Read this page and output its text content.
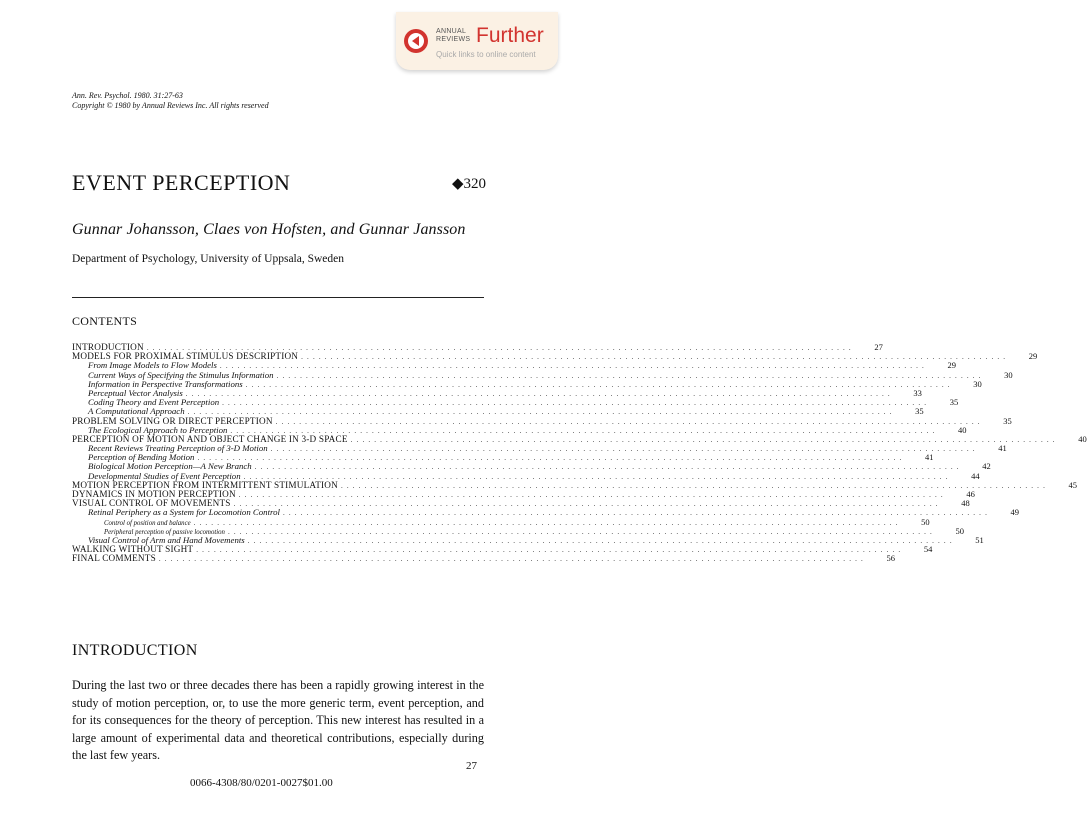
ANNUAL
REVIEWS Further
Quick links to online content
Ann. Rev. Psychol. 1980. 31:27-63
Copyright © 1980 by Annual Reviews Inc. All rights reserved
EVENT PERCEPTION	◆320
Gunnar Johansson, Claes von Hofsten, and Gunnar Jansson
Department of Psychology, University of Uppsala, Sweden
CONTENTS
INTRODUCTION . . . . . . . . . . . . . . . . . . . . . . . . . . . . . . . . . . . . . . . . . . . . . . . . . . . . . . . . . . . . . . . . . . . . . . . . . . . . . . . . . . . . . . . . . . . . . . . . . . . . . . . . . . . . . . . . . . . . . . . .	27
MODELS FOR PROXIMAL STIMULUS DESCRIPTION . . . . . . . . . . . . . . . . . . . . . . . . . . . . . . . . . . . . . . . . . . . . . . . . . . . . . . . . . . . . . . . . . . . . . . . . . . . . . . . . . . . . . . . . . . . . . . . . . . . . . . . . . . . . . . . . . . . . . . . .	29
From Image Models to Flow Models . . . . . . . . . . . . . . . . . . . . . . . . . . . . . . . . . . . . . . . . . . . . . . . . . . . . . . . . . . . . . . . . . . . . . . . . . . . . . . . . . . . . . . . . . . . . . . . . . . . . . . . . . . . . . . . . . . . . . . . .	29
Current Ways of Specifying the Stimulus Information . . . . . . . . . . . . . . . . . . . . . . . . . . . . . . . . . . . . . . . . . . . . . . . . . . . . . . . . . . . . . . . . . . . . . . . . . . . . . . . . . . . . . . . . . . . . . . . . . . . . . . . . . . . . . . . . . . . . . . . .	30
Information in Perspective Transformations . . . . . . . . . . . . . . . . . . . . . . . . . . . . . . . . . . . . . . . . . . . . . . . . . . . . . . . . . . . . . . . . . . . . . . . . . . . . . . . . . . . . . . . . . . . . . . . . . . . . . . . . . . . . . . . . . . . . . . . .	30
Perceptual Vector Analysis . . . . . . . . . . . . . . . . . . . . . . . . . . . . . . . . . . . . . . . . . . . . . . . . . . . . . . . . . . . . . . . . . . . . . . . . . . . . . . . . . . . . . . . . . . . . . . . . . . . . . . . . . . . . . . . . . . . . . . . .	33
Coding Theory and Event Perception . . . . . . . . . . . . . . . . . . . . . . . . . . . . . . . . . . . . . . . . . . . . . . . . . . . . . . . . . . . . . . . . . . . . . . . . . . . . . . . . . . . . . . . . . . . . . . . . . . . . . . . . . . . . . . . . . . . . . . . .	35
A Computational Approach . . . . . . . . . . . . . . . . . . . . . . . . . . . . . . . . . . . . . . . . . . . . . . . . . . . . . . . . . . . . . . . . . . . . . . . . . . . . . . . . . . . . . . . . . . . . . . . . . . . . . . . . . . . . . . . . . . . . . . . .	35
PROBLEM SOLVING OR DIRECT PERCEPTION . . . . . . . . . . . . . . . . . . . . . . . . . . . . . . . . . . . . . . . . . . . . . . . . . . . . . . . . . . . . . . . . . . . . . . . . . . . . . . . . . . . . . . . . . . . . . . . . . . . . . . . . . . . . . . . . . . . . . . . .	35
The Ecological Approach to Perception . . . . . . . . . . . . . . . . . . . . . . . . . . . . . . . . . . . . . . . . . . . . . . . . . . . . . . . . . . . . . . . . . . . . . . . . . . . . . . . . . . . . . . . . . . . . . . . . . . . . . . . . . . . . . . . . . . . . . . . .	40
PERCEPTION OF MOTION AND OBJECT CHANGE IN 3-D SPACE . . . . . . . . . . . . . . . . . . . . . . . . . . . . . . . . . . . . . . . . . . . . . . . . . . . . . . . . . . . . . . . . . . . . . . . . . . . . . . . . . . . . . . . . . . . . . . . . . . . . . . . . . . . . . . . . . . . . . . . .	40
Recent Reviews Treating Perception of 3-D Motion . . . . . . . . . . . . . . . . . . . . . . . . . . . . . . . . . . . . . . . . . . . . . . . . . . . . . . . . . . . . . . . . . . . . . . . . . . . . . . . . . . . . . . . . . . . . . . . . . . . . . . . . . . . . . . . . . . . . . . . .	41
Perception of Bending Motion . . . . . . . . . . . . . . . . . . . . . . . . . . . . . . . . . . . . . . . . . . . . . . . . . . . . . . . . . . . . . . . . . . . . . . . . . . . . . . . . . . . . . . . . . . . . . . . . . . . . . . . . . . . . . . . . . . . . . . . .	41
Biological Motion Perception—A New Branch . . . . . . . . . . . . . . . . . . . . . . . . . . . . . . . . . . . . . . . . . . . . . . . . . . . . . . . . . . . . . . . . . . . . . . . . . . . . . . . . . . . . . . . . . . . . . . . . . . . . . . . . . . . . . . . . . . . . . . . .	42
Developmental Studies of Event Perception . . . . . . . . . . . . . . . . . . . . . . . . . . . . . . . . . . . . . . . . . . . . . . . . . . . . . . . . . . . . . . . . . . . . . . . . . . . . . . . . . . . . . . . . . . . . . . . . . . . . . . . . . . . . . . . . . . . . . . . .	44
MOTION PERCEPTION FROM INTERMITTENT STIMULATION . . . . . . . . . . . . . . . . . . . . . . . . . . . . . . . . . . . . . . . . . . . . . . . . . . . . . . . . . . . . . . . . . . . . . . . . . . . . . . . . . . . . . . . . . . . . . . . . . . . . . . . . . . . . . . . . . . . . . . . .	45
DYNAMICS IN MOTION PERCEPTION . . . . . . . . . . . . . . . . . . . . . . . . . . . . . . . . . . . . . . . . . . . . . . . . . . . . . . . . . . . . . . . . . . . . . . . . . . . . . . . . . . . . . . . . . . . . . . . . . . . . . . . . . . . . . . . . . . . . . . . .	46
VISUAL CONTROL OF MOVEMENTS . . . . . . . . . . . . . . . . . . . . . . . . . . . . . . . . . . . . . . . . . . . . . . . . . . . . . . . . . . . . . . . . . . . . . . . . . . . . . . . . . . . . . . . . . . . . . . . . . . . . . . . . . . . . . . . . . . . . . . . .	48
Retinal Periphery as a System for Locomotion Control . . . . . . . . . . . . . . . . . . . . . . . . . . . . . . . . . . . . . . . . . . . . . . . . . . . . . . . . . . . . . . . . . . . . . . . . . . . . . . . . . . . . . . . . . . . . . . . . . . . . . . . . . . . . . . . . . . . . . . . .	49
Control of position and balance . . . . . . . . . . . . . . . . . . . . . . . . . . . . . . . . . . . . . . . . . . . . . . . . . . . . . . . . . . . . . . . . . . . . . . . . . . . . . . . . . . . . . . . . . . . . . . . . . . . . . . . . . . . . . . . . . . . . . . . .	50
Peripheral perception of passive locomotion . . . . . . . . . . . . . . . . . . . . . . . . . . . . . . . . . . . . . . . . . . . . . . . . . . . . . . . . . . . . . . . . . . . . . . . . . . . . . . . . . . . . . . . . . . . . . . . . . . . . . . . . . . . . . . . . . . . . . . . .	50
Visual Control of Arm and Hand Movements . . . . . . . . . . . . . . . . . . . . . . . . . . . . . . . . . . . . . . . . . . . . . . . . . . . . . . . . . . . . . . . . . . . . . . . . . . . . . . . . . . . . . . . . . . . . . . . . . . . . . . . . . . . . . . . . . . . . . . . .	51
WALKING WITHOUT SIGHT . . . . . . . . . . . . . . . . . . . . . . . . . . . . . . . . . . . . . . . . . . . . . . . . . . . . . . . . . . . . . . . . . . . . . . . . . . . . . . . . . . . . . . . . . . . . . . . . . . . . . . . . . . . . . . . . . . . . . . . .	54
FINAL COMMENTS . . . . . . . . . . . . . . . . . . . . . . . . . . . . . . . . . . . . . . . . . . . . . . . . . . . . . . . . . . . . . . . . . . . . . . . . . . . . . . . . . . . . . . . . . . . . . . . . . . . . . . . . . . . . . . . . . . . . . . . .	56
INTRODUCTION

During the last two or three decades there has been a rapidly growing interest in the study of motion perception, or, to use the more generic term, event perception, and for its consequences for the theory of perception. This new interest has resulted in a large amount of experimental data and theoretical contributions, especially during the last few years.

27
0066-4308/80/0201-0027$01.00
